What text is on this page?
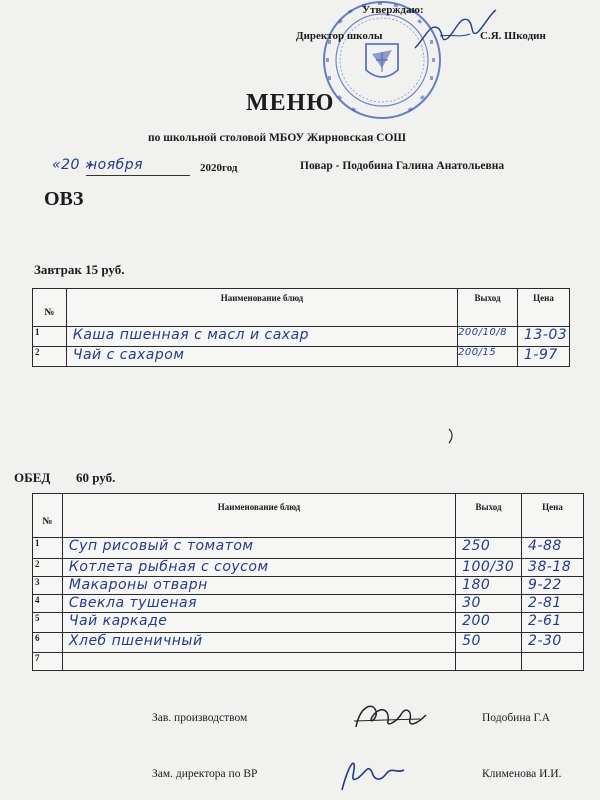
Утверждаю:
Директор школы	С.Я. Шкодин
МЕНЮ
по школьной столовой МБОУ Жирновская СОШ
«20 »
ноября	2020год	Повар - Подобина Галина Анатольевна
ОВЗ
Завтрак 15 руб.
№	Наименование блюд	Выход	Цена

1	Каша пшенная с масл и сахар	200/10/8	13-03

2	Чай с сахаром	200/15	1-97
ОБЕД 60 руб.
№	Наименование блюд	Выход	Цена

1	Суп рисовый с томатом	250	4-88

2	Котлета рыбная с соусом	100/30	38-18

3	Макароны отварн	180	9-22

4	Свекла тушеная	30	2-81

5	Чай каркаде	200	2-61

6	Хлеб пшеничный	50	2-30

7	

Зав. производством	Подобина Г.А
Зам. директора по ВР	Клименова И.И.
